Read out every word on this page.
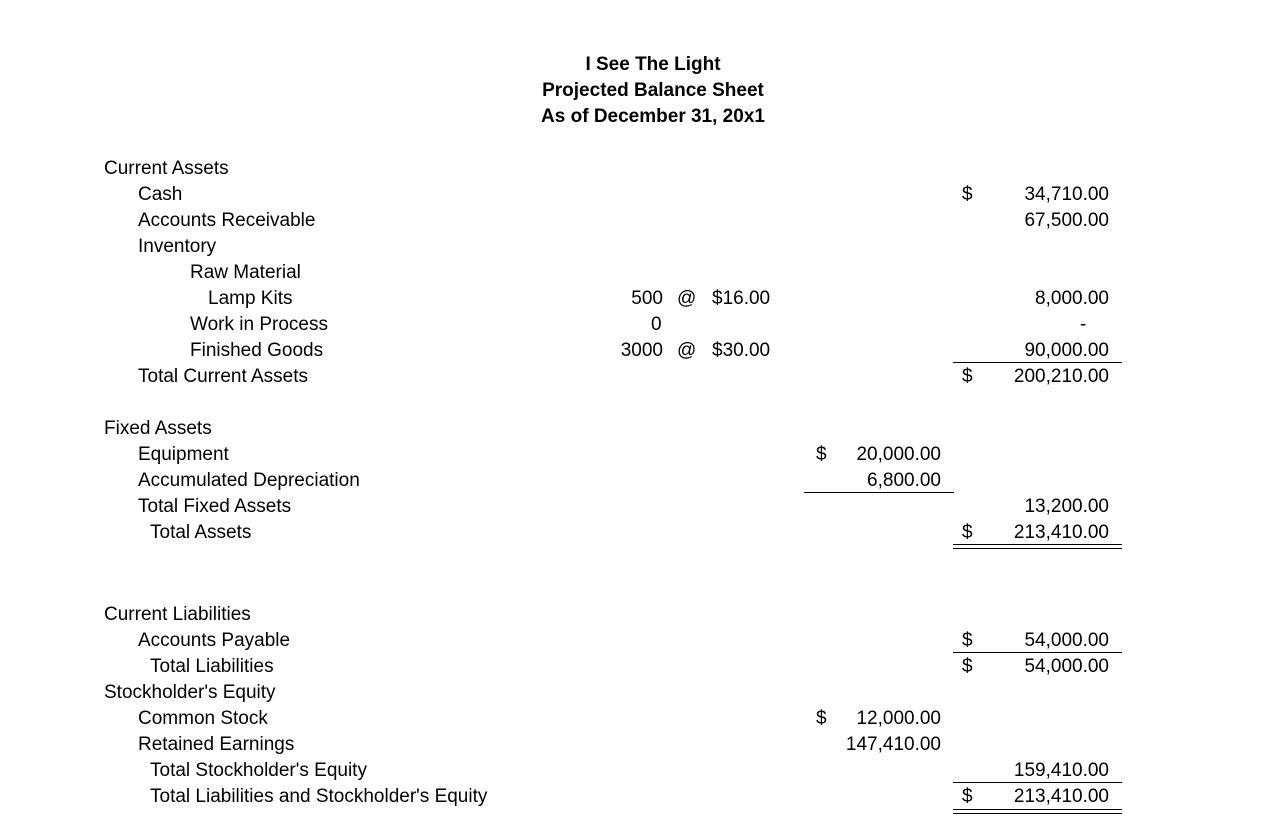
I See The Light
Projected Balance Sheet
As of December 31, 20x1
Current Assets
Cash	$	34,710.00
Accounts Receivable	67,500.00
Inventory
Raw Material
Lamp Kits	500 @ $16.00	8,000.00
Work in Process	0	-
Finished Goods	3000 @ $30.00	90,000.00
Total Current Assets	$ 200,210.00
Fixed Assets
Equipment	$ 20,000.00
Accumulated Depreciation	6,800.00
Total Fixed Assets	13,200.00
Total Assets	$ 213,410.00
Current Liabilities
Accounts Payable	$	54,000.00
Total Liabilities	$	54,000.00
Stockholder's Equity
Common Stock	$ 12,000.00
Retained Earnings	147,410.00
Total Stockholder's Equity	159,410.00
Total Liabilities and Stockholder's Equity	$ 213,410.00
